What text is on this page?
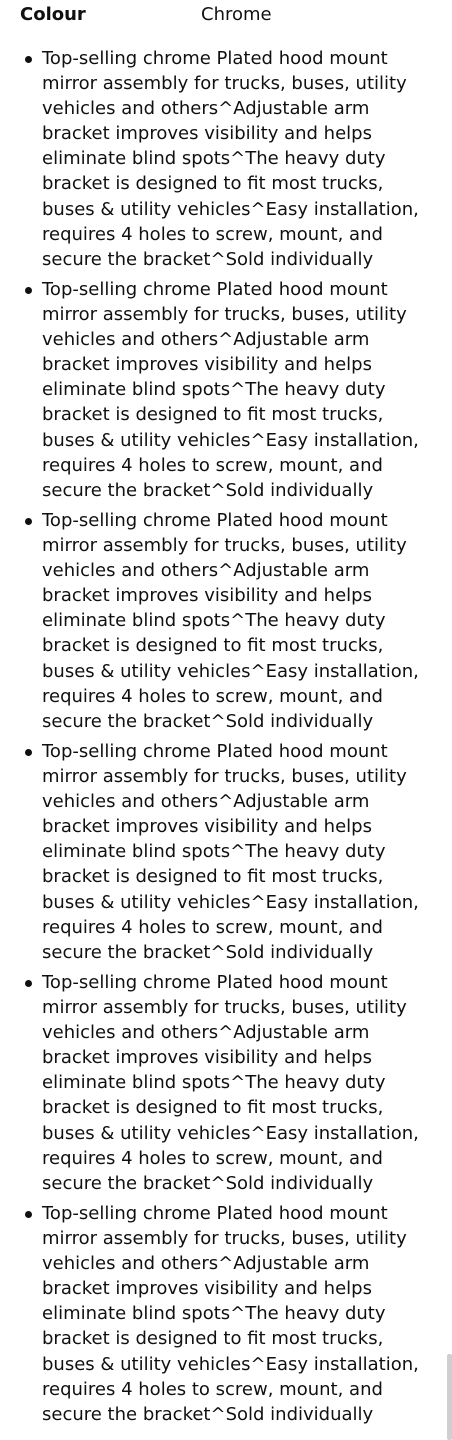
Colour	Chrome
Top-selling chrome Plated hood mount mirror assembly for trucks, buses, utility vehicles and others^Adjustable arm bracket improves visibility and helps eliminate blind spots^The heavy duty bracket is designed to fit most trucks, buses & utility vehicles^Easy installation, requires 4 holes to screw, mount, and secure the bracket^Sold individually
Top-selling chrome Plated hood mount mirror assembly for trucks, buses, utility vehicles and others^Adjustable arm bracket improves visibility and helps eliminate blind spots^The heavy duty bracket is designed to fit most trucks, buses & utility vehicles^Easy installation, requires 4 holes to screw, mount, and secure the bracket^Sold individually
Top-selling chrome Plated hood mount mirror assembly for trucks, buses, utility vehicles and others^Adjustable arm bracket improves visibility and helps eliminate blind spots^The heavy duty bracket is designed to fit most trucks, buses & utility vehicles^Easy installation, requires 4 holes to screw, mount, and secure the bracket^Sold individually
Top-selling chrome Plated hood mount mirror assembly for trucks, buses, utility vehicles and others^Adjustable arm bracket improves visibility and helps eliminate blind spots^The heavy duty bracket is designed to fit most trucks, buses & utility vehicles^Easy installation, requires 4 holes to screw, mount, and secure the bracket^Sold individually
Top-selling chrome Plated hood mount mirror assembly for trucks, buses, utility vehicles and others^Adjustable arm bracket improves visibility and helps eliminate blind spots^The heavy duty bracket is designed to fit most trucks, buses & utility vehicles^Easy installation, requires 4 holes to screw, mount, and secure the bracket^Sold individually
Top-selling chrome Plated hood mount mirror assembly for trucks, buses, utility vehicles and others^Adjustable arm bracket improves visibility and helps eliminate blind spots^The heavy duty bracket is designed to fit most trucks, buses & utility vehicles^Easy installation, requires 4 holes to screw, mount, and secure the bracket^Sold individually
